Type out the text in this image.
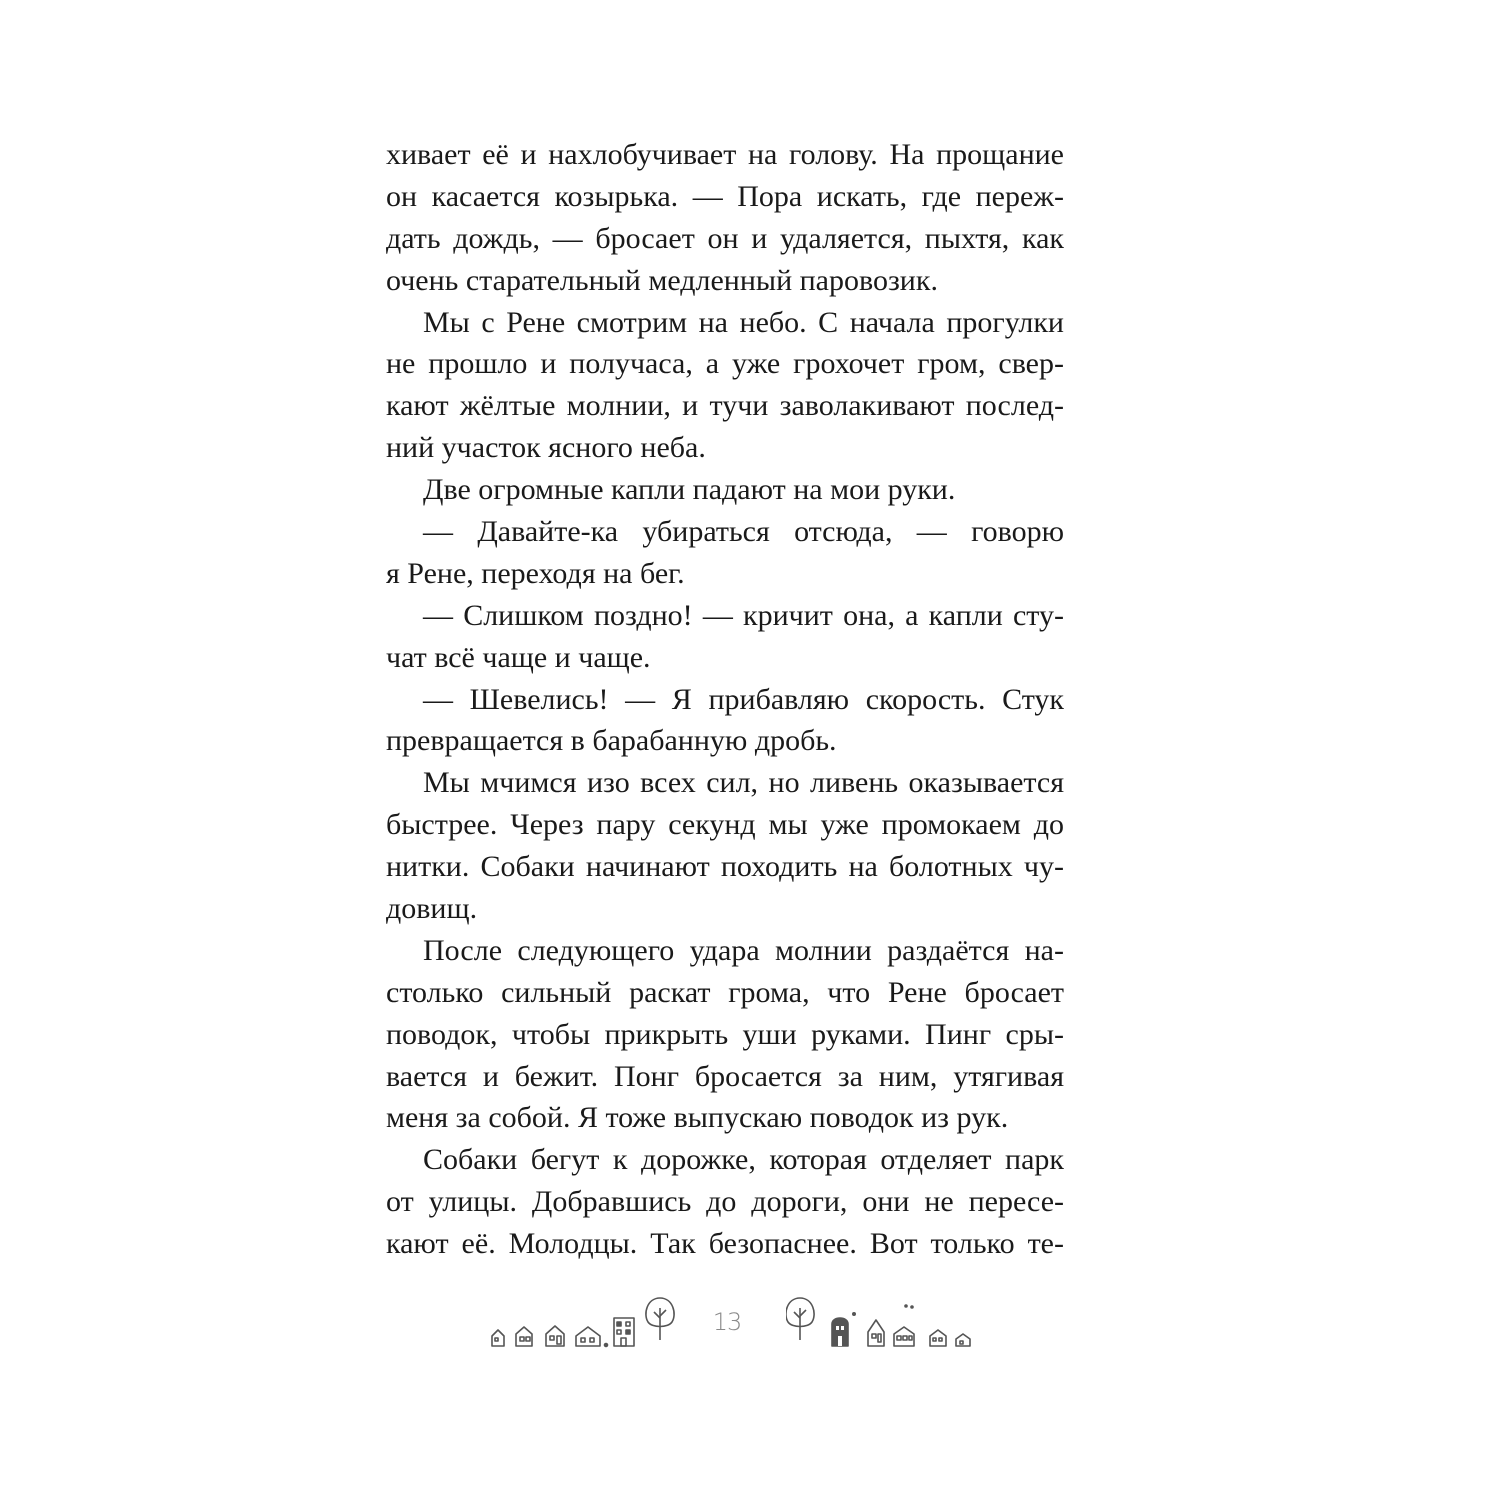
хивает её и нахлобучивает на голову. На прощание
он касается козырька. — Пора искать, где переж-
дать дождь, — бросает он и удаляется, пыхтя, как
очень старательный медленный паровозик.
Мы с Рене смотрим на небо. С начала прогулки
не прошло и получаса, а уже грохочет гром, свер-
кают жёлтые молнии, и тучи заволакивают послед-
ний участок ясного неба.
Две огромные капли падают на мои руки.
— Давайте-ка убираться отсюда, — говорю
я Рене, переходя на бег.
— Слишком поздно! — кричит она, а капли сту-
чат всё чаще и чаще.
— Шевелись! — Я прибавляю скорость. Стук
превращается в барабанную дробь.
Мы мчимся изо всех сил, но ливень оказывается
быстрее. Через пару секунд мы уже промокаем до
нитки. Собаки начинают походить на болотных чу-
довищ.
После следующего удара молнии раздаётся на-
столько сильный раскат грома, что Рене бросает
поводок, чтобы прикрыть уши руками. Пинг сры-
вается и бежит. Понг бросается за ним, утягивая
меня за собой. Я тоже выпускаю поводок из рук.
Собаки бегут к дорожке, которая отделяет парк
от улицы. Добравшись до дороги, они не пересе-
кают её. Молодцы. Так безопаснее. Вот только те-
13
